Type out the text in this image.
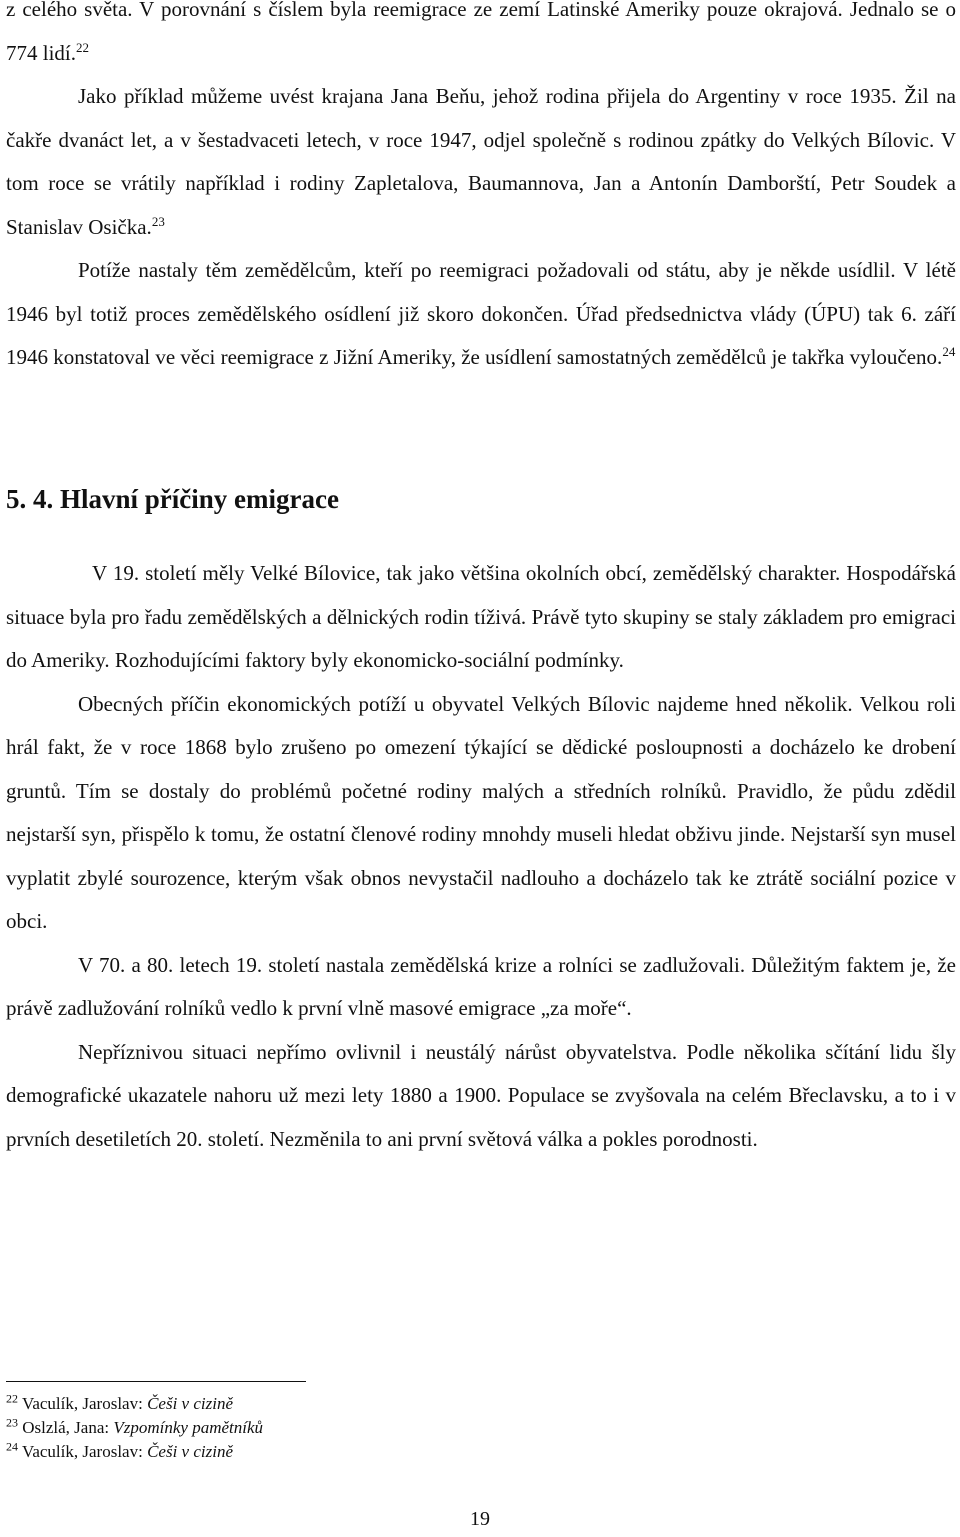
z celého světa. V porovnání s číslem byla reemigrace ze zemí Latinské Ameriky pouze okrajová. Jednalo se o 774 lidí.$^{22}$

Jako příklad můžeme uvést krajana Jana Beňu, jehož rodina přijela do Argentiny v roce 1935. Žil na čakře dvanáct let, a v šestadvaceti letech, v roce 1947, odjel společně s rodinou zpátky do Velkých Bílovic. V tom roce se vrátily například i rodiny Zapletalova, Baumannova, Jan a Antonín Damborští, Petr Soudek a Stanislav Osička.$^{23}$

Potíže nastaly těm zemědělcům, kteří po reemigraci požadovali od státu, aby je někde usídlil. V létě 1946 byl totiž proces zemědělského osídlení již skoro dokončen. Úřad předsednictva vlády (ÚPU) tak 6. září 1946 konstatoval ve věci reemigrace z Jižní Ameriky, že usídlení samostatných zemědělců je takřka vyloučeno.$^{24}$

5. 4. Hlavní příčiny emigrace

V 19. století měly Velké Bílovice, tak jako většina okolních obcí, zemědělský charakter. Hospodářská situace byla pro řadu zemědělských a dělnických rodin tíživá. Právě tyto skupiny se staly základem pro emigraci do Ameriky. Rozhodujícími faktory byly ekonomicko-sociální podmínky.

Obecných příčin ekonomických potíží u obyvatel Velkých Bílovic najdeme hned několik. Velkou roli hrál fakt, že v roce 1868 bylo zrušeno po omezení týkající se dědické posloupnosti a docházelo ke drobení gruntů. Tím se dostaly do problémů početné rodiny malých a středních rolníků. Pravidlo, že půdu zdědil nejstarší syn, přispělo k tomu, že ostatní členové rodiny mnohdy museli hledat obživu jinde. Nejstarší syn musel vyplatit zbylé sourozence, kterým však obnos nevystačil nadlouho a docházelo tak ke ztrátě sociální pozice v obci.

V 70. a 80. letech 19. století nastala zemědělská krize a rolníci se zadlužovali. Důležitým faktem je, že právě zadlužování rolníků vedlo k první vlně masové emigrace „za moře“.

Nepříznivou situaci nepřímo ovlivnil i neustálý nárůst obyvatelstva. Podle několika sčítání lidu šly demografické ukazatele nahoru už mezi lety 1880 a 1900. Populace se zvyšovala na celém Břeclavsku, a to i v prvních desetiletích 20. století. Nezměnila to ani první světová válka a pokles porodnosti.

$^{22}$ Vaculík, Jaroslav: Češi v cizině
$^{23}$ Oslzlá, Jana: Vzpomínky pamětníků
$^{24}$ Vaculík, Jaroslav: Češi v cizině
19
